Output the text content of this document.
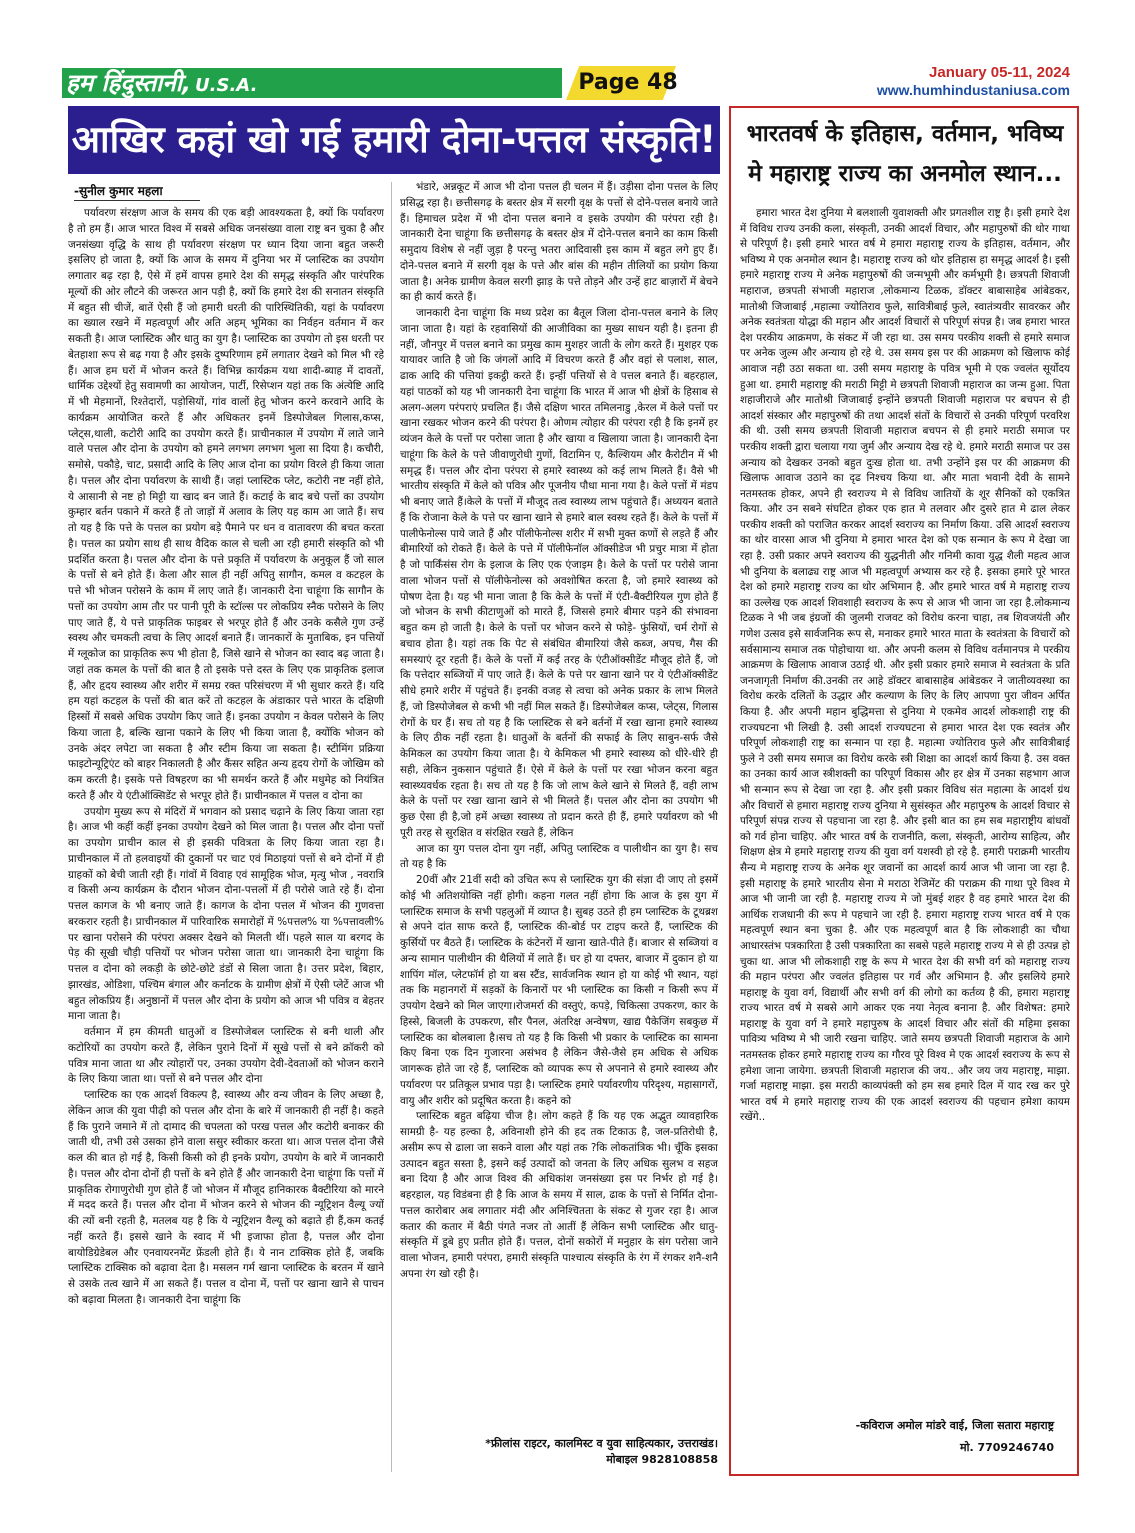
हम हिंदुस्तानी, U.S.A.	Page 48	January 05-11, 2024
www.humhindustaniusa.com
आखिर कहां खो गई हमारी दोना-पत्तल संस्कृति!
-सुनील कुमार महला

पर्यावरण संरक्षण आज के समय की एक बड़ी आवश्यकता है, क्यों कि पर्यावरण है तो हम हैं। आज भारत विश्व में सबसे अधिक जनसंख्या वाला राष्ट्र बन चुका है और जनसंख्या वृद्धि के साथ ही पर्यावरण संरक्षण पर ध्यान दिया जाना बहुत जरूरी इसलिए हो जाता है, क्यों कि आज के समय में दुनिया भर में प्लास्टिक का उपयोग लगातार बढ़ रहा है, ऐसे में हमें वापस हमारे देश की समृद्ध संस्कृति और पारंपरिक मूल्यों की ओर लौटने की जरूरत आन पड़ी है, क्यों कि हमारे देश की सनातन संस्कृति में बहुत सी चीजें, बातें ऐसी हैं जो हमारी धरती की पारिस्थितिकी, यहां के पर्यावरण का ख्याल रखने में महत्वपूर्ण और अति अहम् भूमिका का निर्वहन वर्तमान में कर सकती है। आज प्लास्टिक और धातु का युग है। प्लास्टिक का उपयोग तो इस धरती पर बेतहाशा रूप से बढ़ गया है और इसके दुष्परिणाम हमें लगातार देखने को मिल भी रहे हैं। आज हम घरों में भोजन करते हैं। विभिन्न कार्यक्रम यथा शादी-ब्याह में दावतों, धार्मिक उद्देश्यों हेतु सवामणी का आयोजन, पार्टी, रिसेप्शन यहां तक कि अंत्येष्टि आदि में भी मेहमानों, रिश्तेदारों, पड़ोसियों, गांव वालों हेतु भोजन करने करवाने आदि के कार्यक्रम आयोजित करते हैं और अधिकतर इनमें डिस्पोजेबल गिलास,कप्स, प्लेट्स,थाली, कटोरी आदि का उपयोग करते हैं। प्राचीनकाल में उपयोग में लाते जाने वाले पत्तल और दोना के उपयोग को हमने लगभग लगभग भुला सा दिया है। कचौरी, समोसे, पकौड़े, चाट, प्रसादी आदि के लिए आज दोना का प्रयोग विरले ही किया जाता है। पत्तल और दोना पर्यावरण के साथी हैं। जहां प्लास्टिक प्लेट, कटोरी नष्ट नहीं होते, ये आसानी से नष्ट हो मिट्टी या खाद बन जाते हैं। कटाई के बाद बचे पत्तों का उपयोग कुम्हार बर्तन पकाने में करते हैं तो जाड़ों में अलाव के लिए यह काम आ जाते हैं। सच तो यह है कि पत्ते के पत्तल का प्रयोग बड़े पैमाने पर धन व वातावरण की बचत करता है। पत्तल का प्रयोग साथ ही साथ वैदिक काल से चली आ रही हमारी संस्कृति को भी प्रदर्शित करता है। पत्तल और दोना के पत्ते प्रकृति में पर्यावरण के अनुकूल हैं जो साल के पत्तों से बने होते हैं। केला और साल ही नहीं अपितु सागौन, कमल व कटहल के पत्ते भी भोजन परोसने के काम में लाए जाते हैं। जानकारी देना चाहूंगा कि सागौन के पत्तों का उपयोग आम तौर पर पानी पूरी के स्टॉल्स पर लोकप्रिय स्नैक परोसने के लिए पाए जाते हैं, ये पत्ते प्राकृतिक फाइबर से भरपूर होते हैं और उनके कसैले गुण उन्हें स्वस्थ और चमकती त्वचा के लिए आदर्श बनाते हैं। जानकारों के मुताबिक, इन पत्तियों में ग्लूकोज का प्राकृतिक रूप भी होता है, जिसे खाने से भोजन का स्वाद बढ़ जाता है। जहां तक कमल के पत्तों की बात है तो इसके पत्ते दस्त के लिए एक प्राकृतिक इलाज हैं, और हृदय स्वास्थ्य और शरीर में समग्र रक्त परिसंचरण में भी सुधार करते हैं। यदि हम यहां कटहल के पत्तों की बात करें तो कटहल के अंडाकार पत्ते भारत के दक्षिणी हिस्सों में सबसे अधिक उपयोग किए जाते हैं। इनका उपयोग न केवल परोसने के लिए किया जाता है, बल्कि खाना पकाने के लिए भी किया जाता है, क्योंकि भोजन को उनके अंदर लपेटा जा सकता है और स्टीम किया जा सकता है। स्टीमिंग प्रक्रिया फाइटोन्यूट्रिएंट को बाहर निकालती है और कैंसर सहित अन्य हृदय रोगों के जोखिम को कम करती है। इसके पत्ते विषहरण का भी समर्थन करते हैं और मधुमेह को नियंत्रित करते हैं और ये एंटीऑक्सिडेंट से भरपूर होते हैं। प्राचीनकाल में पत्तल व दोना का

उपयोग मुख्य रूप से मंदिरों में भगवान को प्रसाद चढ़ाने के लिए किया जाता रहा है। आज भी कहीं कहीं इनका उपयोग देखने को मिल जाता है। पत्तल और दोना पत्तों का उपयोग प्राचीन काल से ही इसकी पवित्रता के लिए किया जाता रहा है। प्राचीनकाल में तो हलवाइयों की दुकानों पर चाट एवं मिठाइयां पत्तों से बने दोनों में ही ग्राहकों को बेची जाती रही हैं। गांवों में विवाह एवं सामूहिक भोज, मृत्यु भोज , नवरात्रि व किसी अन्य कार्यक्रम के दौरान भोजन दोना-पत्तलों में ही परोसे जाते रहे हैं। दोना पत्तल कागज के भी बनाए जाते हैं। कागज के दोना पत्तल में भोजन की गुणवत्ता बरकरार रहती है। प्राचीनकाल में पारिवारिक समारोहों में %पत्तल% या %पत्तावली% पर खाना परोसने की परंपरा अक्सर देखने को मिलती थीं। पहले साल या बरगद के पेड़ की सूखी चौड़ी पत्तियों पर भोजन परोसा जाता था। जानकारी देना चाहूंगा कि पत्तल व दोना को लकड़ी के छोटे-छोटे डंडों से सिला जाता है। उत्तर प्रदेश, बिहार, झारखंड, ओडिशा, पश्चिम बंगाल और कर्नाटक के ग्रामीण क्षेत्रों में ऐसी प्लेटें आज भी बहुत लोकप्रिय हैं। अनुष्ठानों में पत्तल और दोना के प्रयोग को आज भी पवित्र व बेहतर माना जाता है।

वर्तमान में हम कीमती धातुओं व डिस्पोजेबल प्लास्टिक से बनी थाली और कटोरियों का उपयोग करते हैं, लेकिन पुराने दिनों में सूखे पत्तों से बने क्रॉकरी को पवित्र माना जाता था और त्योहारों पर, उनका उपयोग देवी-देवताओं को भोजन कराने के लिए किया जाता था। पत्तों से बने पत्तल और दोना

प्लास्टिक का एक आदर्श विकल्प है, स्वास्थ्य और वन्य जीवन के लिए अच्छा है, लेकिन आज की युवा पीढ़ी को पत्तल और दोना के बारे में जानकारी ही नहीं है। कहते हैं कि पुराने जमाने में तो दामाद की चपलता को परख पत्तल और कटोरी बनाकर की जाती थी, तभी उसे उसका होने वाला ससुर स्वीकार करता था। आज पत्तल दोना जैसे कल की बात हो गई है, किसी किसी को ही इनके प्रयोग, उपयोग के बारे में जानकारी है। पत्तल और दोना दोनों ही पत्तों के बने होते हैं और जानकारी देना चाहूंगा कि पत्तों में प्राकृतिक रोगाणुरोधी गुण होते हैं जो भोजन में मौजूद हानिकारक बैक्टीरिया को मारने में मदद करते हैं। पत्तल और दोना में भोजन करने से भोजन की न्यूट्रिशन वैल्यू ज्यों की त्यों बनी रहती है, मतलब यह है कि ये न्यूट्रिशन वैल्यू को बढ़ाते ही हैं,कम कतई नहीं करते हैं। इससे खाने के स्वाद में भी इजाफा होता है, पत्तल और दोना बायोडिग्रेडेबल और एनवायरनमेंट फ्रेंडली होते हैं। ये नान टाक्सिक होते हैं, जबकि प्लास्टिक टाक्सिक को बढ़ावा देता है। मसलन गर्म खाना प्लास्टिक के बरतन में खाने से उसके तत्व खाने में आ सकते हैं। पत्तल व दोना में, पत्तों पर खाना खाने से पाचन को बढ़ावा मिलता है। जानकारी देना चाहूंगा कि

भंडारे, अन्नकूट में आज भी दोना पत्तल ही चलन में हैं। उड़ीसा दोना पत्तल के लिए प्रसिद्ध रहा है। छत्तीसगढ़ के बस्तर क्षेत्र में सरगी वृक्ष के पत्तों से दोने-पत्तल बनाये जाते हैं। हिमाचल प्रदेश में भी दोना पत्तल बनाने व इसके उपयोग की परंपरा रही है। जानकारी देना चाहूंगा कि छत्तीसगढ़ के बस्तर क्षेत्र में दोने-पत्तल बनाने का काम किसी समुदाय विशेष से नहीं जुड़ा है परन्तु भतरा आदिवासी इस काम में बहुत लगे हुए हैं। दोने-पत्तल बनाने में सरगी वृक्ष के पत्ते और बांस की महीन तीलियों का प्रयोग किया जाता है। अनेक ग्रामीण केवल सरगी झाड़ के पत्ते तोड़ने और उन्हें हाट बाज़ारों में बेचने का ही कार्य करते हैं।

जानकारी देना चाहूंगा कि मध्य प्रदेश का बैतूल जिला दोना-पत्तल बनाने के लिए जाना जाता है। यहां के रहवासियों की आजीविका का मुख्य साधन यही है। इतना ही नहीं, जौनपुर में पत्तल बनाने का प्रमुख काम मुशहर जाती के लोग करते हैं। मुशहर एक यायावर जाति है जो कि जंगलों आदि में विचरण करते हैं और वहां से पलाश, साल, ढाक आदि की पत्तियां इकट्ठी करते हैं। इन्हीं पत्तियों से वे पत्तल बनाते हैं। बहरहाल, यहां पाठकों को यह भी जानकारी देना चाहूंगा कि भारत में आज भी क्षेत्रों के हिसाब से अलग-अलग परंपराएं प्रचलित हैं। जैसे दक्षिण भारत तमिलनाडु ,केरल में केले पत्तों पर खाना रखकर भोजन करने की परंपरा है। ओणम त्योहार की परंपरा रही है कि इनमें हर व्यंजन केले के पत्तों पर परोसा जाता है और खाया व खिलाया जाता है। जानकारी देना चाहूंगा कि केले के पत्ते जीवाणुरोधी गुणों, विटामिन ए, कैल्शियम और कैरोटीन में भी समृद्ध हैं। पत्तल और दोना परंपरा से हमारे स्वास्थ्य को कई लाभ मिलते हैं। वैसे भी भारतीय संस्कृति में केले को पवित्र और पूजनीय पौधा माना गया है। केले पत्तों में मंडप भी बनाए जाते हैं।केले के पत्तों में मौजूद तत्व स्वास्थ्य लाभ पहुंचाते हैं। अध्ययन बताते हैं कि रोजाना केले के पत्ते पर खाना खाने से हमारे बाल स्वस्थ रहते हैं। केले के पत्तों में पालीफेनोल्स पाये जाते हैं और पॉलीफेनोल्स शरीर में सभी मुक्त कणों से लड़ते हैं और बीमारियों को रोकते हैं। केले के पत्ते में पॉलीफेनॉल ऑक्सीडेज भी प्रचुर मात्रा में होता है जो पार्किंसंस रोग के इलाज के लिए एक एंजाइम है। केले के पत्तों पर परोसे जाना वाला भोजन पत्तों से पॉलीफेनोल्स को अवशोषित करता है, जो हमारे स्वास्थ्य को पोषण देता है। यह भी माना जाता है कि केले के पत्तों में एंटी-बैक्टीरियल गुण होते हैं जो भोजन के सभी कीटाणुओं को मारते हैं, जिससे हमारे बीमार पड़ने की संभावना बहुत कम हो जाती है। केले के पत्तों पर भोजन करने से फोड़े- फुंसियों, चर्म रोगों से बचाव होता है। यहां तक कि पेट से संबंधित बीमारियां जैसे कब्ज, अपच, गैस की समस्याएं दूर रहती हैं। केले के पत्तों में कई तरह के एंटीऑक्सीडेंट मौजूद होते हैं, जो कि पत्तेदार सब्जियों में पाए जाते हैं। केले के पत्ते पर खाना खाने पर ये एंटीऑक्सीडेंट सीधे हमारे शरीर में पहुंचते हैं। इनकी वजह से त्वचा को अनेक प्रकार के लाभ मिलते हैं, जो डिस्पोजेबल से कभी भी नहीं मिल सकते हैं। डिस्पोजेबल कप्स, प्लेट्स, गिलास रोगों के घर हैं। सच तो यह है कि प्लास्टिक से बने बर्तनों में रखा खाना हमारे स्वास्थ्य के लिए ठीक नहीं रहता है। धातुओं के बर्तनों की सफाई के लिए साबुन-सर्फ जैसे केमिकल का उपयोग किया जाता है। ये केमिकल भी हमारे स्वास्थ्य को धीरे-धीरे ही सही, लेकिन नुकसान पहुंचाते हैं। ऐसे में केले के पत्तों पर रखा भोजन करना बहुत स्वास्थ्यवर्धक रहता है। सच तो यह है कि जो लाभ केले खाने से मिलते हैं, वही लाभ केले के पत्तों पर रखा खाना खाने से भी मिलते हैं। पत्तल और दोना का उपयोग भी कुछ ऐसा ही है,जो हमें अच्छा स्वास्थ्य तो प्रदान करते ही हैं, हमारे पर्यावरण को भी पूरी तरह से सुरक्षित व संरक्षित रखते हैं, लेकिन

आज का युग पत्तल दोना युग नहीं, अपितु प्लास्टिक व पालीथीन का युग है। सच तो यह है कि

20वीं और 21वीं सदी को उचित रूप से प्लास्टिक युग की संज्ञा दी जाए तो इसमें कोई भी अतिशयोक्ति नहीं होगी। कहना गलत नहीं होगा कि आज के इस युग में प्लास्टिक समाज के सभी पहलुओं में व्याप्त है। सुबह उठते ही हम प्लास्टिक के टूथब्रश से अपने दांत साफ करते हैं, प्लास्टिक की-बोर्ड पर टाइप करते हैं, प्लास्टिक की कुर्सियों पर बैठते हैं। प्लास्टिक के कंटेनरों में खाना खाते-पीते हैं। बाजार से सब्जियां व अन्य सामान पालीथीन की थैलियों में लाते हैं। घर हो या दफ्तर, बाजार में दुकान हो या शापिंग मॉल, प्लेटफॉर्म हो या बस स्टैंड, सार्वजनिक स्थान हो या कोई भी स्थान, यहां तक कि महानगरों में सड़कों के किनारों पर भी प्लास्टिक का किसी न किसी रूप में उपयोग देखने को मिल जाएगा।रोजमर्रा की वस्तुएं, कपड़े, चिकित्सा उपकरण, कार के हिस्से, बिजली के उपकरण, सौर पैनल, अंतरिक्ष अन्वेषण, खाद्य पैकेजिंग सबकुछ में प्लास्टिक का बोलबाला है।सच तो यह है कि किसी भी प्रकार के प्लास्टिक का सामना किए बिना एक दिन गुजारना असंभव है लेकिन जैसे-जैसे हम अधिक से अधिक जागरूक होते जा रहे हैं, प्लास्टिक को व्यापक रूप से अपनाने से हमारे स्वास्थ्य और पर्यावरण पर प्रतिकूल प्रभाव पड़ा है। प्लास्टिक हमारे पर्यावरणीय परिदृश्य, महासागरों, वायु और शरीर को प्रदूषित करता है। कहने को

प्लास्टिक बहुत बढ़िया चीज है। लोग कहते हैं कि यह एक अद्भुत व्यावहारिक सामग्री है- यह हल्का है, अविनाशी होने की हद तक टिकाऊ है, जल-प्रतिरोधी है, असीम रूप से ढाला जा सकने वाला और यहां तक ?कि लोकतांत्रिक भी। चूँकि इसका उत्पादन बहुत सस्ता है, इसने कई उत्पादों को जनता के लिए अधिक सुलभ व सहज बना दिया है और आज विश्व की अधिकांश जनसंख्या इस पर निर्भर हो गई है। बहरहाल, यह विडंबना ही है कि आज के समय में साल, ढाक के पत्तों से निर्मित दोना-पत्तल कारोबार अब लगातार मंदी और अनिश्चितता के संकट से गुजर रहा है। आज कतार की कतार में बैठी पंगते नजर तो आतीं हैं लेकिन सभी प्लास्टिक और धातु-संस्कृति में डूबे हुए प्रतीत होते हैं। पत्तल, दोनों सकोरों में मनुहार के संग परोसा जाने वाला भोजन, हमारी परंपरा, हमारी संस्कृति पाश्चात्य संस्कृति के रंग में रंगकर शनै-शनै अपना रंग खो रही है।

*फ्रीलांस राइटर, कालमिस्ट व युवा साहित्यकार, उत्तराखंड।
मोबाइल 9828108858
भारतवर्ष के इतिहास, वर्तमान, भविष्य मे महाराष्ट्र राज्य का अनमोल स्थान...

हमारा भारत देश दुनिया मे बलशाली युवाशक्ती और प्रगतशील राष्ट्र है। इसी हमारे देश में विविध राज्य उनकी कला, संस्कृती, उनकी आदर्श विचार, और महापुरुषों की थोर गाथा से परिपूर्ण है। इसी हमारे भारत वर्ष मे हमारा महाराष्ट्र राज्य के इतिहास, वर्तमान, और भविष्य मे एक अनमोल स्थान है। महाराष्ट्र राज्य को थोर इतिहास हा समृद्ध आदर्श है। इसी हमारे महाराष्ट्र राज्य मे अनेक महापुरुषों की जन्मभूमी और कर्मभूमी है। छत्रपती शिवाजी महाराज, छत्रपती संभाजी महाराज ,लोकमान्य टिळक, डॉक्टर बाबासाहेब आंबेडकर, मातोश्री जिजाबाई ,महात्मा ज्योतिराव फुले, सावित्रीबाई फुले, स्वातंत्र्यवीर सावरकर और अनेक स्वतंत्रता योद्धा की महान और आदर्श विचारों से परिपूर्ण संपन्न है। जब हमारा भारत देश परकीय आक्रमण, के संकट में जी रहा था. उस समय परकीय शक्ती से हमारे समाज पर अनेक जुल्म और अन्याय हो रहे थे. उस समय इस पर की आक्रमण को खिलाफ कोई आवाज नही उठा सकता था. उसी समय महाराष्ट्र के पवित्र भूमी मे एक ज्वलंत सूर्योदय हुआ था. हमारी महाराष्ट्र की मराठी मिट्टी मे छत्रपती शिवाजी महाराज का जन्म हुआ. पिता शहाजीराजे और मातोश्री जिजाबाई इन्होंने छत्रपती शिवाजी महाराज पर बचपन से ही आदर्श संस्कार और महापुरुषों की तथा आदर्श संतों के विचारों से उनकी परिपूर्ण परवरिश की थी. उसी समय छत्रपती शिवाजी महाराज बचपन से ही हमारे मराठी समाज पर परकीय शक्ती द्वारा चलाया गया जुर्म और अन्याय देख रहे थे. हमारे मराठी समाज पर उस अन्याय को देखकर उनको बहुत दुःख होता था. तभी उन्होंने इस पर की आक्रमण की खिलाफ आवाज उठाने का दृढ निश्चय किया था. और माता भवानी देवी के सामने नतमस्तक होकर, अपने ही स्वराज्य मे से विविध जातियों के शूर सैनिकों को एकत्रित किया. और उन सबने संघटित होकर एक हात मे तलवार और दुसरे हात मे ढाल लेकर परकीय शक्ती को पराजित करकर आदर्श स्वराज्य का निर्माण किया. उसि आदर्श स्वराज्य का थोर वारसा आज भी दुनिया मे हमारा भारत देश को एक सन्मान के रूप मे देखा जा रहा है. उसी प्रकार अपने स्वराज्य की युद्धनीती और गनिमी कावा युद्ध शैली महत्व आज भी दुनिया के बलाढ्य राष्ट्र आज भी महत्वपूर्ण अभ्यास कर रहे है. इसका हमारे पूरे भारत देश को हमारे महाराष्ट्र राज्य का थोर अभिमान है. और हमारे भारत वर्ष मे महाराष्ट्र राज्य का उल्लेख एक आदर्श शिवशाही स्वराज्य के रूप से आज भी जाना जा रहा है.लोकमान्य टिळक ने भी जब इंग्रजों की जुलमी राजवट को विरोध करना चाहा, तब शिवजयंती और गणेश उत्सव इसे सार्वजनिक रूप से, मनाकर हमारे भारत माता के स्वतंत्रता के विचारों को सर्वसामान्य समाज तक पोहोचाया था. और अपनी कलम से विविध वर्तमानपत्र मे परकीय आक्रमण के खिलाफ आवाज उठाई थी. और इसी प्रकार हमारे समाज मे स्वतंत्रता के प्रति जनजागृती निर्माण की.उनकी तर आहे डॉक्टर बाबासाहेब आंबेडकर ने जातीव्यवस्था का विरोध करके दलितों के उद्धार और कल्याण के लिए के लिए आपणा पुरा जीवन अर्पित किया है. और अपनी महान बुद्धिमत्ता से दुनिया मे एकमेव आदर्श लोकशाही राष्ट्र की राज्यघटना भी लिखी है. उसी आदर्श राज्यघटना से हमारा भारत देश एक स्वतंत्र और परिपूर्ण लोकशाही राष्ट्र का सन्मान पा रहा है. महात्मा ज्योतिराव फुले और सावित्रीबाई फुले ने उसी समय समाज का विरोध करके स्त्री शिक्षा का आदर्श कार्य किया है. उस वक्त का उनका कार्य आज स्त्रीशक्ती का परिपूर्ण विकास और हर क्षेत्र में उनका सहभाग आज भी सन्मान रूप से देखा जा रहा है. और इसी प्रकार विविध संत महात्मा के आदर्श ग्रंथ और विचारों से हमारा महाराष्ट्र राज्य दुनिया मे सुसंस्कृत और महापुरुष के आदर्श विचार से परिपूर्ण संपन्न राज्य से पहचाना जा रहा है. और इसी बात का हम सब महाराष्ट्रीय बांधवों को गर्व होना चाहिए. और भारत वर्ष के राजनीति, कला, संस्कृती, आरोग्य साहित्य, और शिक्षण क्षेत्र मे हमारे महाराष्ट्र राज्य की युवा वर्ग यशस्वी हो रहे है. हमारी पराक्रमी भारतीय सैन्य मे महाराष्ट्र राज्य के अनेक शूर जवानों का आदर्श कार्य आज भी जाना जा रहा है. इसी महाराष्ट्र के हमारे भारतीय सेना मे मराठा रेजिमेंट की पराक्रम की गाथा पूरे विश्व मे आज भी जानी जा रही है. महाराष्ट्र राज्य मे जो मुंबई शहर है वह हमारे भारत देश की आर्थिक राजधानी की रूप मे पहचाने जा रही है. हमारा महाराष्ट्र राज्य भारत वर्ष मे एक महत्वपूर्ण स्थान बना चुका है. और एक महत्वपूर्ण बात है कि लोकशाही का चौथा आधारस्तंभ पत्रकारिता है उसी पत्रकारिता का सबसे पहले महाराष्ट्र राज्य मे से ही उत्पन्न हो चुका था. आज भी लोकशाही राष्ट्र के रूप मे भारत देश की सभी वर्ग को महाराष्ट्र राज्य की महान परंपरा और ज्वलंत इतिहास पर गर्व और अभिमान है. और इसलिये हमारे महाराष्ट्र के युवा वर्ग, विद्यार्थी और सभी वर्ग की लोगो का कर्तव्य है की, हमारा महाराष्ट्र राज्य भारत वर्ष मे सबसे आगे आकर एक नया नेतृत्व बनाना है. और विशेषत: हमारे महाराष्ट्र के युवा वर्ग ने हमारे महापुरुष के आदर्श विचार और संतों की महिमा इसका पावित्र्य भविष्य मे भी जारी रखना चाहिए. जाते समय छत्रपती शिवाजी महाराज के आगे नतमस्तक होकर हमारे महाराष्ट्र राज्य का गौरव पूरे विश्व मे एक आदर्श स्वराज्य के रूप से हमेशा जाना जायेगा. छत्रपती शिवाजी महाराज की जय.. और जय जय महाराष्ट्र, माझा. गर्जा महाराष्ट्र माझा. इस मराठी काव्यपंक्ती को हम सब हमारे दिल में याद रख कर पुरे भारत वर्ष मे हमारे महाराष्ट्र राज्य की एक आदर्श स्वराज्य की पहचान हमेशा कायम रखेंगे..

-कविराज अमोल मांडरे वाई, जिला सतारा महाराष्ट्र
मो. 7709246740
